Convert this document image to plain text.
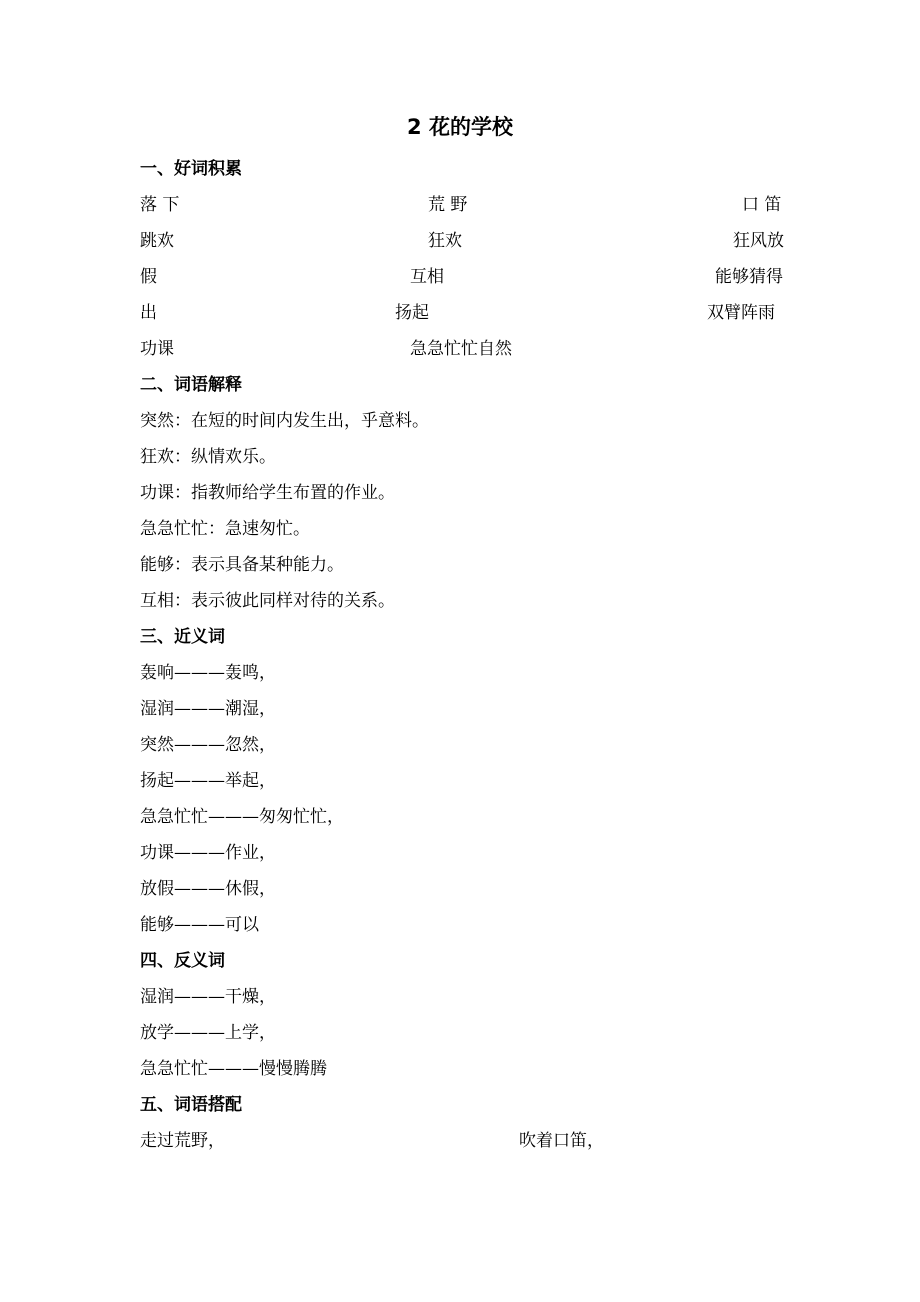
2 花的学校
一、好词积累
落 下	荒 野	口 笛
跳欢	狂欢	狂风放
假	互相	能够猜得
出	扬起	双臂阵雨
功课	急急忙忙自然
二、词语解释
突然：在短的时间内发生出，乎意料。
狂欢：纵情欢乐。
功课：指教师给学生布置的作业。
急急忙忙：急速匆忙。
能够：表示具备某种能力。
互相：表示彼此同样对待的关系。
三、近义词
轰响———轰鸣，
湿润———潮湿，
突然———忽然，
扬起———举起，
急急忙忙———匆匆忙忙，
功课———作业，
放假———休假，
能够———可以
四、反义词
湿润———干燥，
放学———上学，
急急忙忙———慢慢腾腾
五、词语搭配
走过荒野，	吹着口笛，
